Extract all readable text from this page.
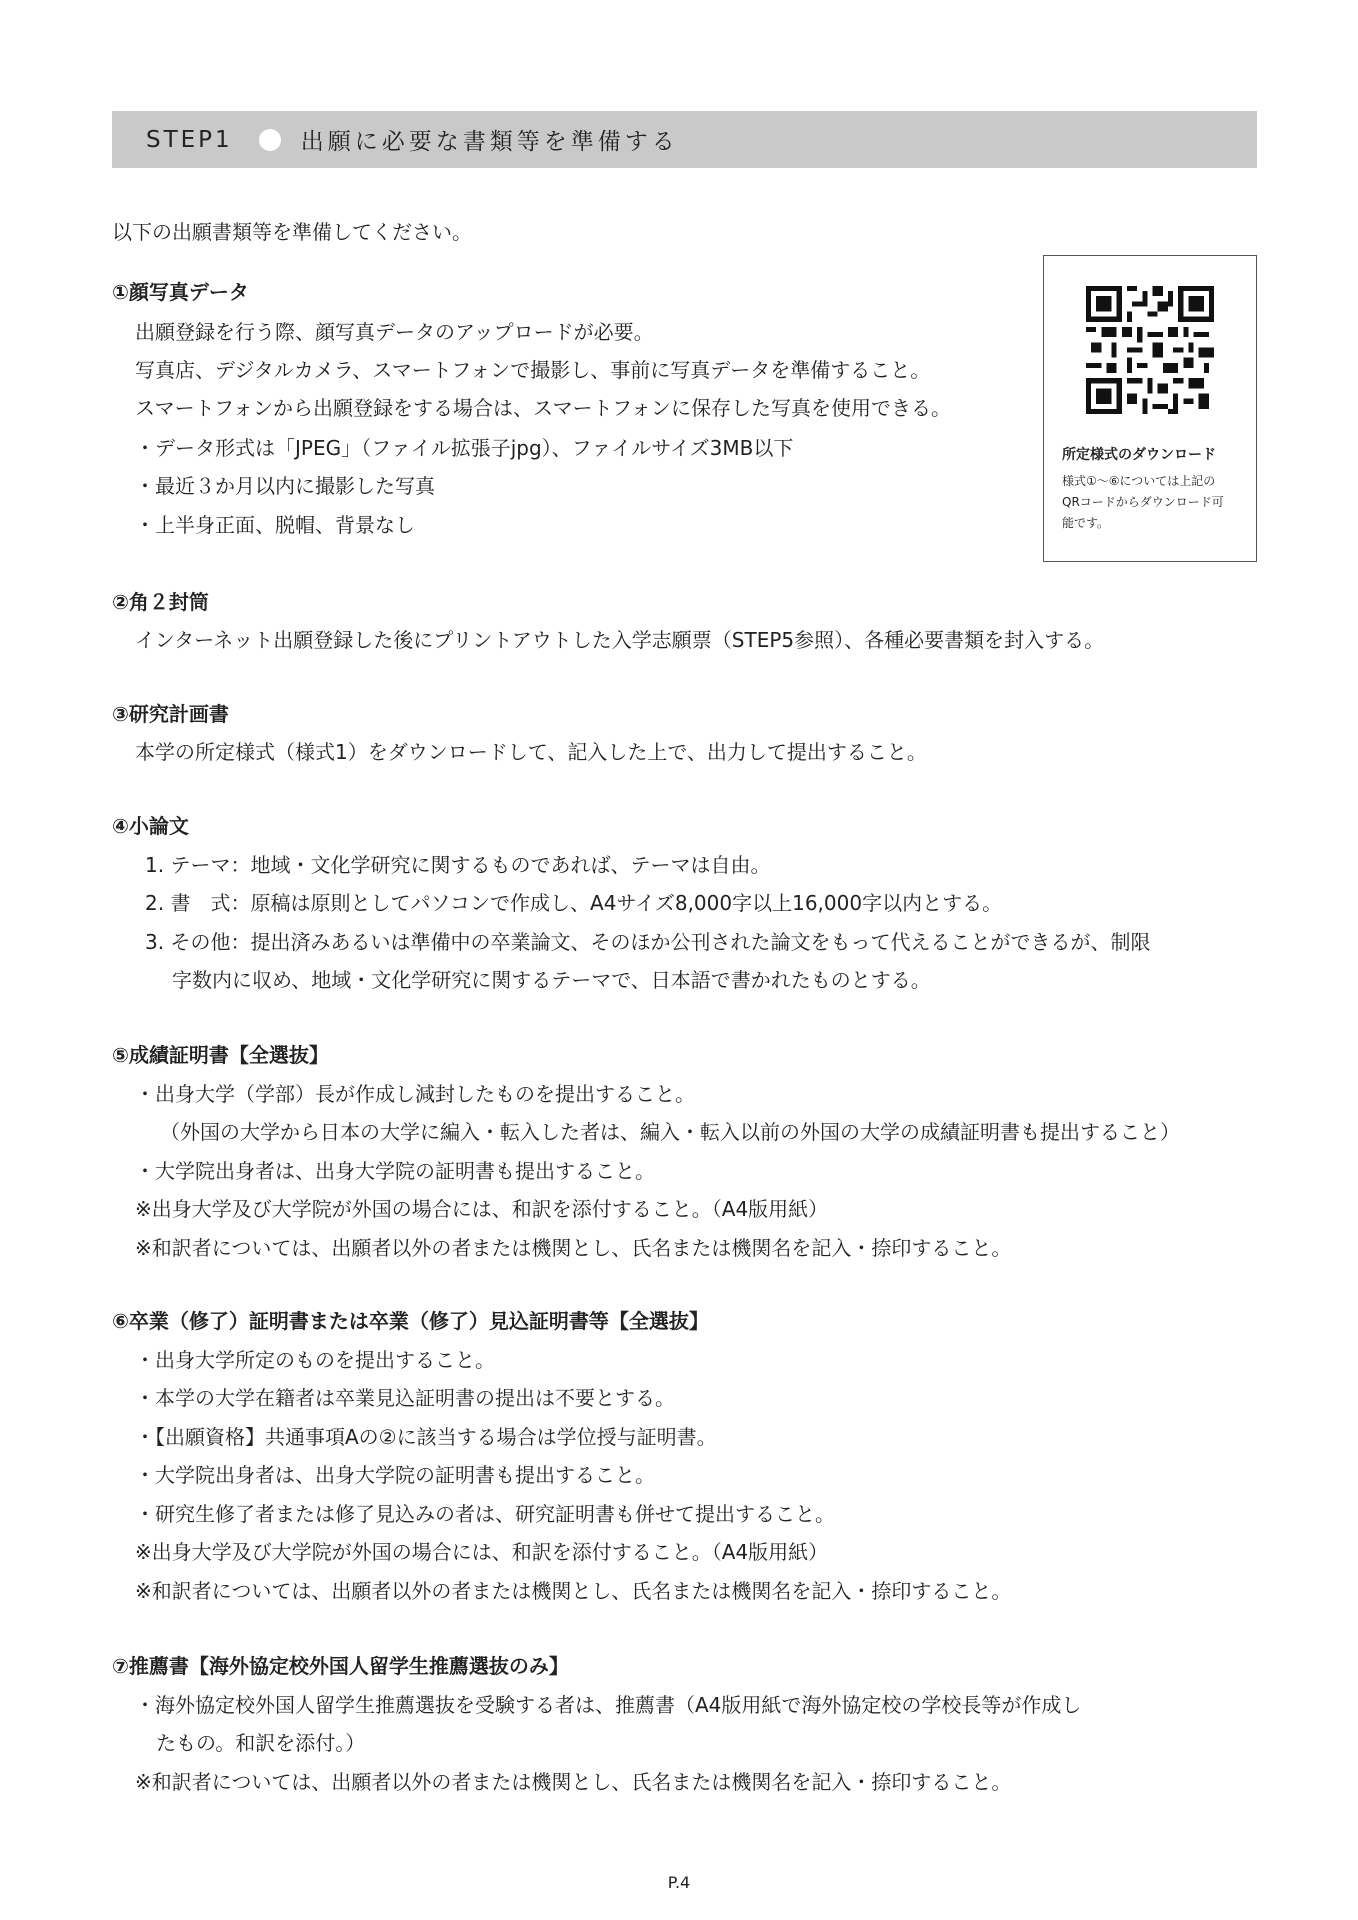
STEP1	出願に必要な書類等を準備する
以下の出願書類等を準備してください。
所定様式のダウンロード
様式①〜⑥については上記の
QRコードからダウンロード可
能です。
①顔写真データ
出願登録を行う際、顔写真データのアップロードが必要。
写真店、デジタルカメラ、スマートフォンで撮影し、事前に写真データを準備すること。
スマートフォンから出願登録をする場合は、スマートフォンに保存した写真を使用できる。
・データ形式は「JPEG」（ファイル拡張子jpg）、ファイルサイズ3MB以下
・最近３か月以内に撮影した写真
・上半身正面、脱帽、背景なし
②角２封筒
インターネット出願登録した後にプリントアウトした入学志願票（STEP5参照）、各種必要書類を封入する。
③研究計画書
本学の所定様式（様式1）をダウンロードして、記入した上で、出力して提出すること。
④小論文
1. テーマ：地域・文化学研究に関するものであれば、テーマは自由。
2. 書　式：原稿は原則としてパソコンで作成し、A4サイズ8,000字以上16,000字以内とする。
3. その他：提出済みあるいは準備中の卒業論文、そのほか公刊された論文をもって代えることができるが、制限
字数内に収め、地域・文化学研究に関するテーマで、日本語で書かれたものとする。
⑤成績証明書【全選抜】
・出身大学（学部）長が作成し減封したものを提出すること。
（外国の大学から日本の大学に編入・転入した者は、編入・転入以前の外国の大学の成績証明書も提出すること）
・大学院出身者は、出身大学院の証明書も提出すること。
※出身大学及び大学院が外国の場合には、和訳を添付すること。（A4版用紙）
※和訳者については、出願者以外の者または機関とし、氏名または機関名を記入・捺印すること。
⑥卒業（修了）証明書または卒業（修了）見込証明書等【全選抜】
・出身大学所定のものを提出すること。
・本学の大学在籍者は卒業見込証明書の提出は不要とする。
・【出願資格】共通事項Aの②に該当する場合は学位授与証明書。
・大学院出身者は、出身大学院の証明書も提出すること。
・研究生修了者または修了見込みの者は、研究証明書も併せて提出すること。
※出身大学及び大学院が外国の場合には、和訳を添付すること。（A4版用紙）
※和訳者については、出願者以外の者または機関とし、氏名または機関名を記入・捺印すること。
⑦推薦書【海外協定校外国人留学生推薦選抜のみ】
・海外協定校外国人留学生推薦選抜を受験する者は、推薦書（A4版用紙で海外協定校の学校長等が作成し
たもの。和訳を添付。）
※和訳者については、出願者以外の者または機関とし、氏名または機関名を記入・捺印すること。
P.4
